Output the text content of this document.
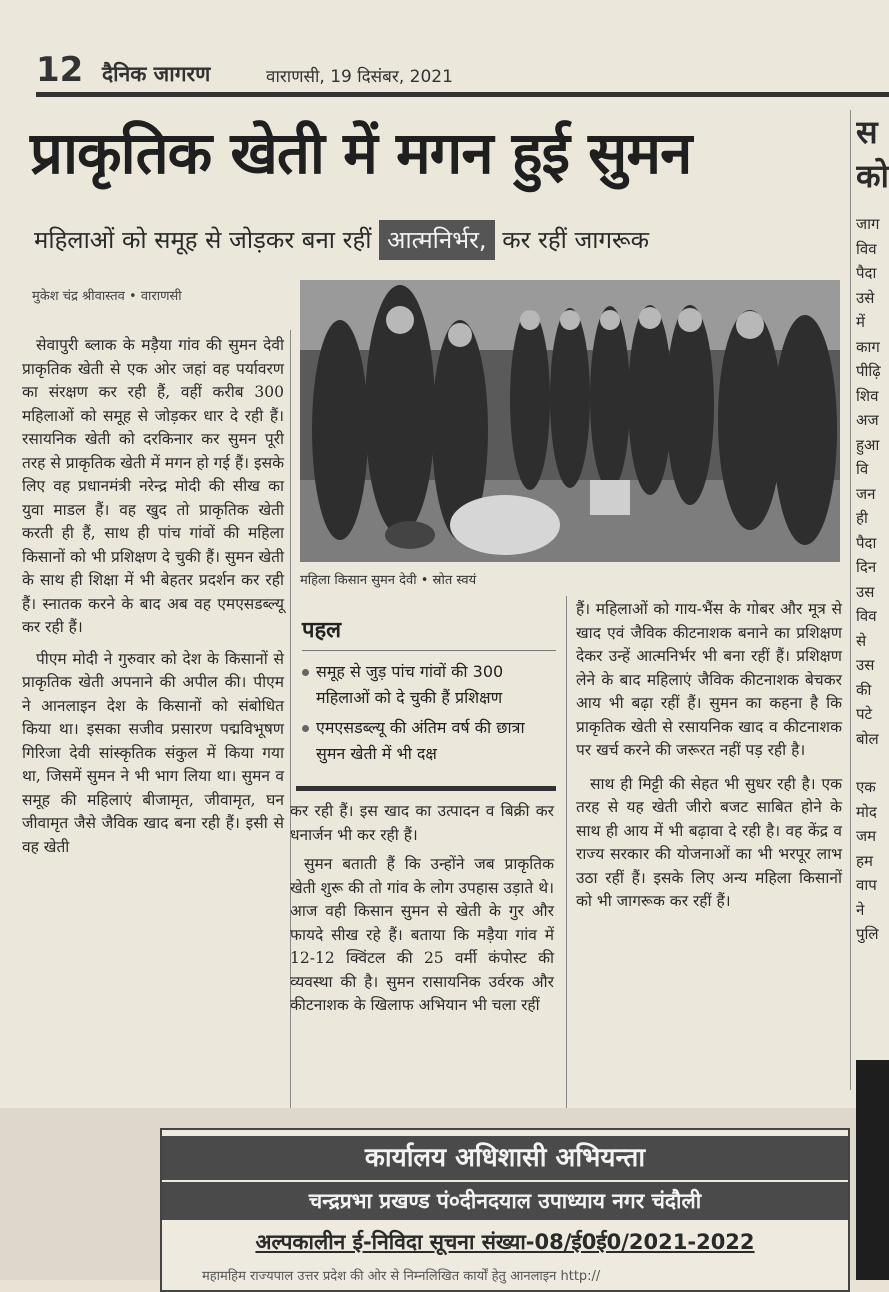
12 दैनिक जागरण	वाराणसी, 19 दिसंबर, 2021
प्राकृतिक खेती में मगन हुई सुमन
महिलाओं को समूह से जोड़कर बना रहीं आत्मनिर्भर, कर रहीं जागरूक
मुकेश चंद्र श्रीवास्तव • वाराणसी

सेवापुरी ब्लाक के मड़ैया गांव की सुमन देवी प्राकृतिक खेती से एक ओर जहां वह पर्यावरण का संरक्षण कर रही हैं, वहीं करीब 300 महिलाओं को समूह से जोड़कर धार दे रही हैं। रसायनिक खेती को दरकिनार कर सुमन पूरी तरह से प्राकृतिक खेती में मगन हो गई हैं। इसके लिए वह प्रधानमंत्री नरेन्द्र मोदी की सीख का युवा माडल हैं। वह खुद तो प्राकृतिक खेती करती ही हैं, साथ ही पांच गांवों की महिला किसानों को भी प्रशिक्षण दे चुकी हैं। सुमन खेती के साथ ही शिक्षा में भी बेहतर प्रदर्शन कर रही हैं। स्नातक करने के बाद अब वह एमएसडब्ल्यू कर रही हैं।

पीएम मोदी ने गुरुवार को देश के किसानों से प्राकृतिक खेती अपनाने की अपील की। पीएम ने आनलाइन देश के किसानों को संबोधित किया था। इसका सजीव प्रसारण पद्मविभूषण गिरिजा देवी सांस्कृतिक संकुल में किया गया था, जिसमें सुमन ने भी भाग लिया था। सुमन व समूह की महिलाएं बीजामृत, जीवामृत, घन जीवामृत जैसे जैविक खाद बना रही हैं। इसी से वह खेती

महिला किसान सुमन देवी • स्रोत स्वयं
पहल
समूह से जुड़ पांच गांवों की 300 महिलाओं को दे चुकी हैं प्रशिक्षण
एमएसडब्ल्यू की अंतिम वर्ष की छात्रा सुमन खेती में भी दक्ष

कर रही हैं। इस खाद का उत्पादन व बिक्री कर धनार्जन भी कर रही हैं।

सुमन बताती हैं कि उन्होंने जब प्राकृतिक खेती शुरू की तो गांव के लोग उपहास उड़ाते थे। आज वही किसान सुमन से खेती के गुर और फायदे सीख रहे हैं। बताया कि मड़ैया गांव में 12-12 क्विंटल की 25 वर्मी कंपोस्ट की व्यवस्था की है। सुमन रासायनिक उर्वरक और कीटनाशक के खिलाफ अभियान भी चला रहीं

हैं। महिलाओं को गाय-भैंस के गोबर और मूत्र से खाद एवं जैविक कीटनाशक बनाने का प्रशिक्षण देकर उन्हें आत्मनिर्भर भी बना रहीं हैं। प्रशिक्षण लेने के बाद महिलाएं जैविक कीटनाशक बेचकर आय भी बढ़ा रहीं हैं। सुमन का कहना है कि प्राकृतिक खेती से रसायनिक खाद व कीटनाशक पर खर्च करने की जरूरत नहीं पड़ रही है।

साथ ही मिट्टी की सेहत भी सुधर रही है। एक तरह से यह खेती जीरो बजट साबित होने के साथ ही आय में भी बढ़ावा दे रही है। वह केंद्र व राज्य सरकार की योजनाओं का भी भरपूर लाभ उठा रहीं हैं। इसके लिए अन्य महिला किसानों को भी जागरूक कर रहीं हैं।

स
को
जाग
विव
पैदा
उसे
में
काग
पीढ़ि
शिव
अज
हुआ
वि
जन
ही
पैदा
दिन
उस
विव
से
उस
की
पटे
बोल
एक
मोद
जम
हम
वाप
ने
पुलि
कार्यालय अधिशासी अभियन्ता
चन्द्रप्रभा प्रखण्ड पं०दीनदयाल उपाध्याय नगर चंदौली
अल्पकालीन ई-निविदा सूचना संख्या-08/ई0ई0/2021-2022
महामहिम राज्यपाल उत्तर प्रदेश की ओर से निम्नलिखित कार्यों हेतु आनलाइन http://
